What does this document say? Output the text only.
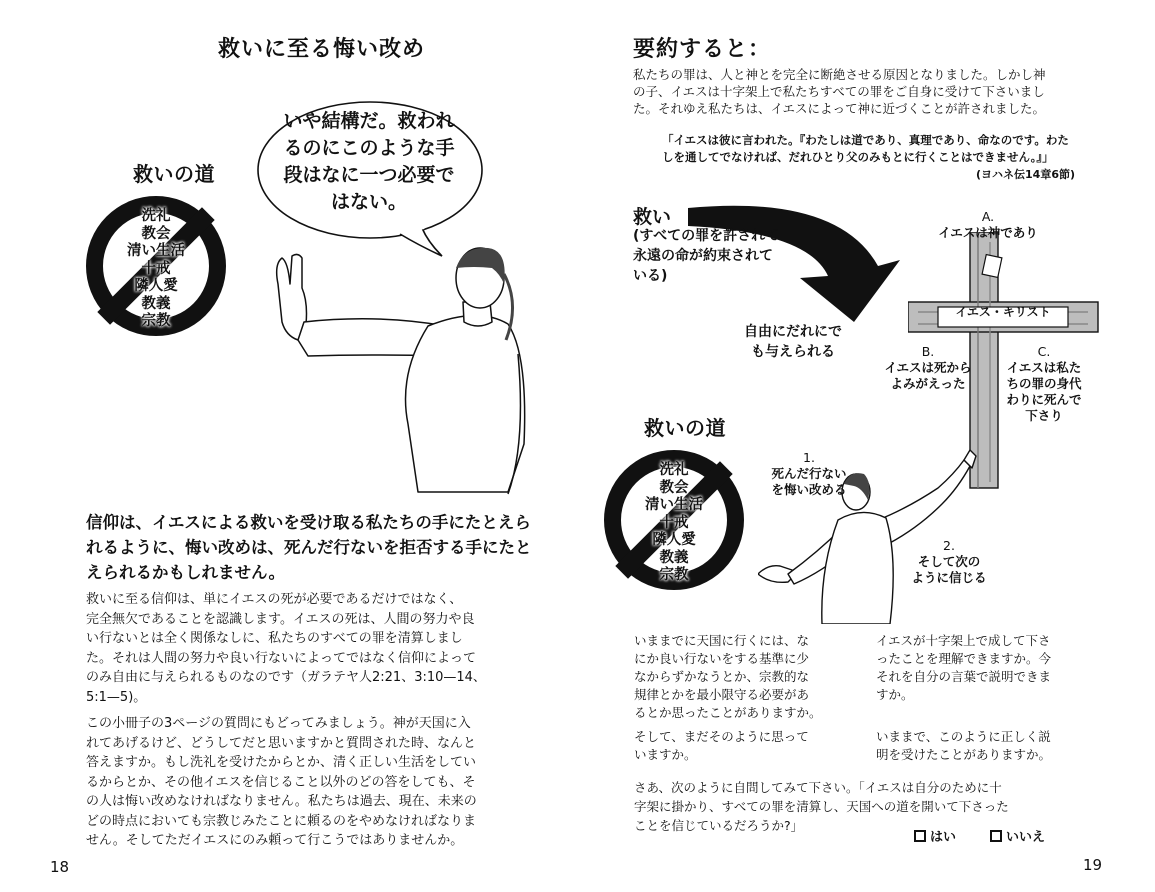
救いに至る悔い改め
いや結構だ。救われ
るのにこのような手
段はなに一つ必要で
はない。
救いの道
洗礼
教会
清い生活
十戒
隣人愛
教義
宗教
信仰は、イエスによる救いを受け取る私たちの手にたとえら
れるように、悔い改めは、死んだ行ないを拒否する手にたと
えられるかもしれません。
救いに至る信仰は、単にイエスの死が必要であるだけではなく、
完全無欠であることを認識します。イエスの死は、人間の努力や良
い行ないとは全く関係なしに、私たちのすべての罪を清算しまし
た。それは人間の努力や良い行ないによってではなく信仰によって
のみ自由に与えられるものなのです（ガラテヤ人2:21、3:10—14、
5:1—5)。
この小冊子の3ページの質問にもどってみましょう。神が天国に入
れてあげるけど、どうしてだと思いますかと質問された時、なんと
答えますか。もし洗礼を受けたからとか、清く正しい生活をしてい
るからとか、その他イエスを信じること以外のどの答をしても、そ
の人は悔い改めなければなりません。私たちは過去、現在、未来の
どの時点においても宗教じみたことに頼るのをやめなければなりま
せん。そしてただイエスにのみ頼って行こうではありませんか。
18
要約すると：
私たちの罪は、人と神とを完全に断絶させる原因となりました。しかし神
の子、イエスは十字架上で私たちすべての罪をご自身に受けて下さいまし
た。それゆえ私たちは、イエスによって神に近づくことが許されました。
「イエスは彼に言われた。『わたしは道であり、真理であり、命なのです。わた
しを通してでなければ、だれひとり父のみもとに行くことはできません。』」
(ヨハネ伝14章6節)
救い
(すべての罪を許されて
永遠の命が約束されて
いる)
自由にだれにで
も与えられる
イエス・キリスト
A.
イエスは神であり
B.
イエスは死から
よみがえった
C.
イエスは私た
ちの罪の身代
わりに死んで
下さり
救いの道
洗礼
教会
清い生活
十戒
隣人愛
教義
宗教
1.
死んだ行ない
を悔い改める
2.
そして次の
ように信じる
いままでに天国に行くには、な
にか良い行ないをする基準に少
なからずかなうとか、宗教的な
規律とかを最小限守る必要があ
るとか思ったことがありますか。
そして、まだそのように思って
いますか。
イエスが十字架上で成して下さ
ったことを理解できますか。今
それを自分の言葉で説明できま
すか。
いままで、このように正しく説
明を受けたことがありますか。
さあ、次のように自問してみて下さい。「イエスは自分のために十
字架に掛かり、すべての罪を清算し、天国への道を開いて下さった
ことを信じているだろうか?」
はい	いいえ
19
